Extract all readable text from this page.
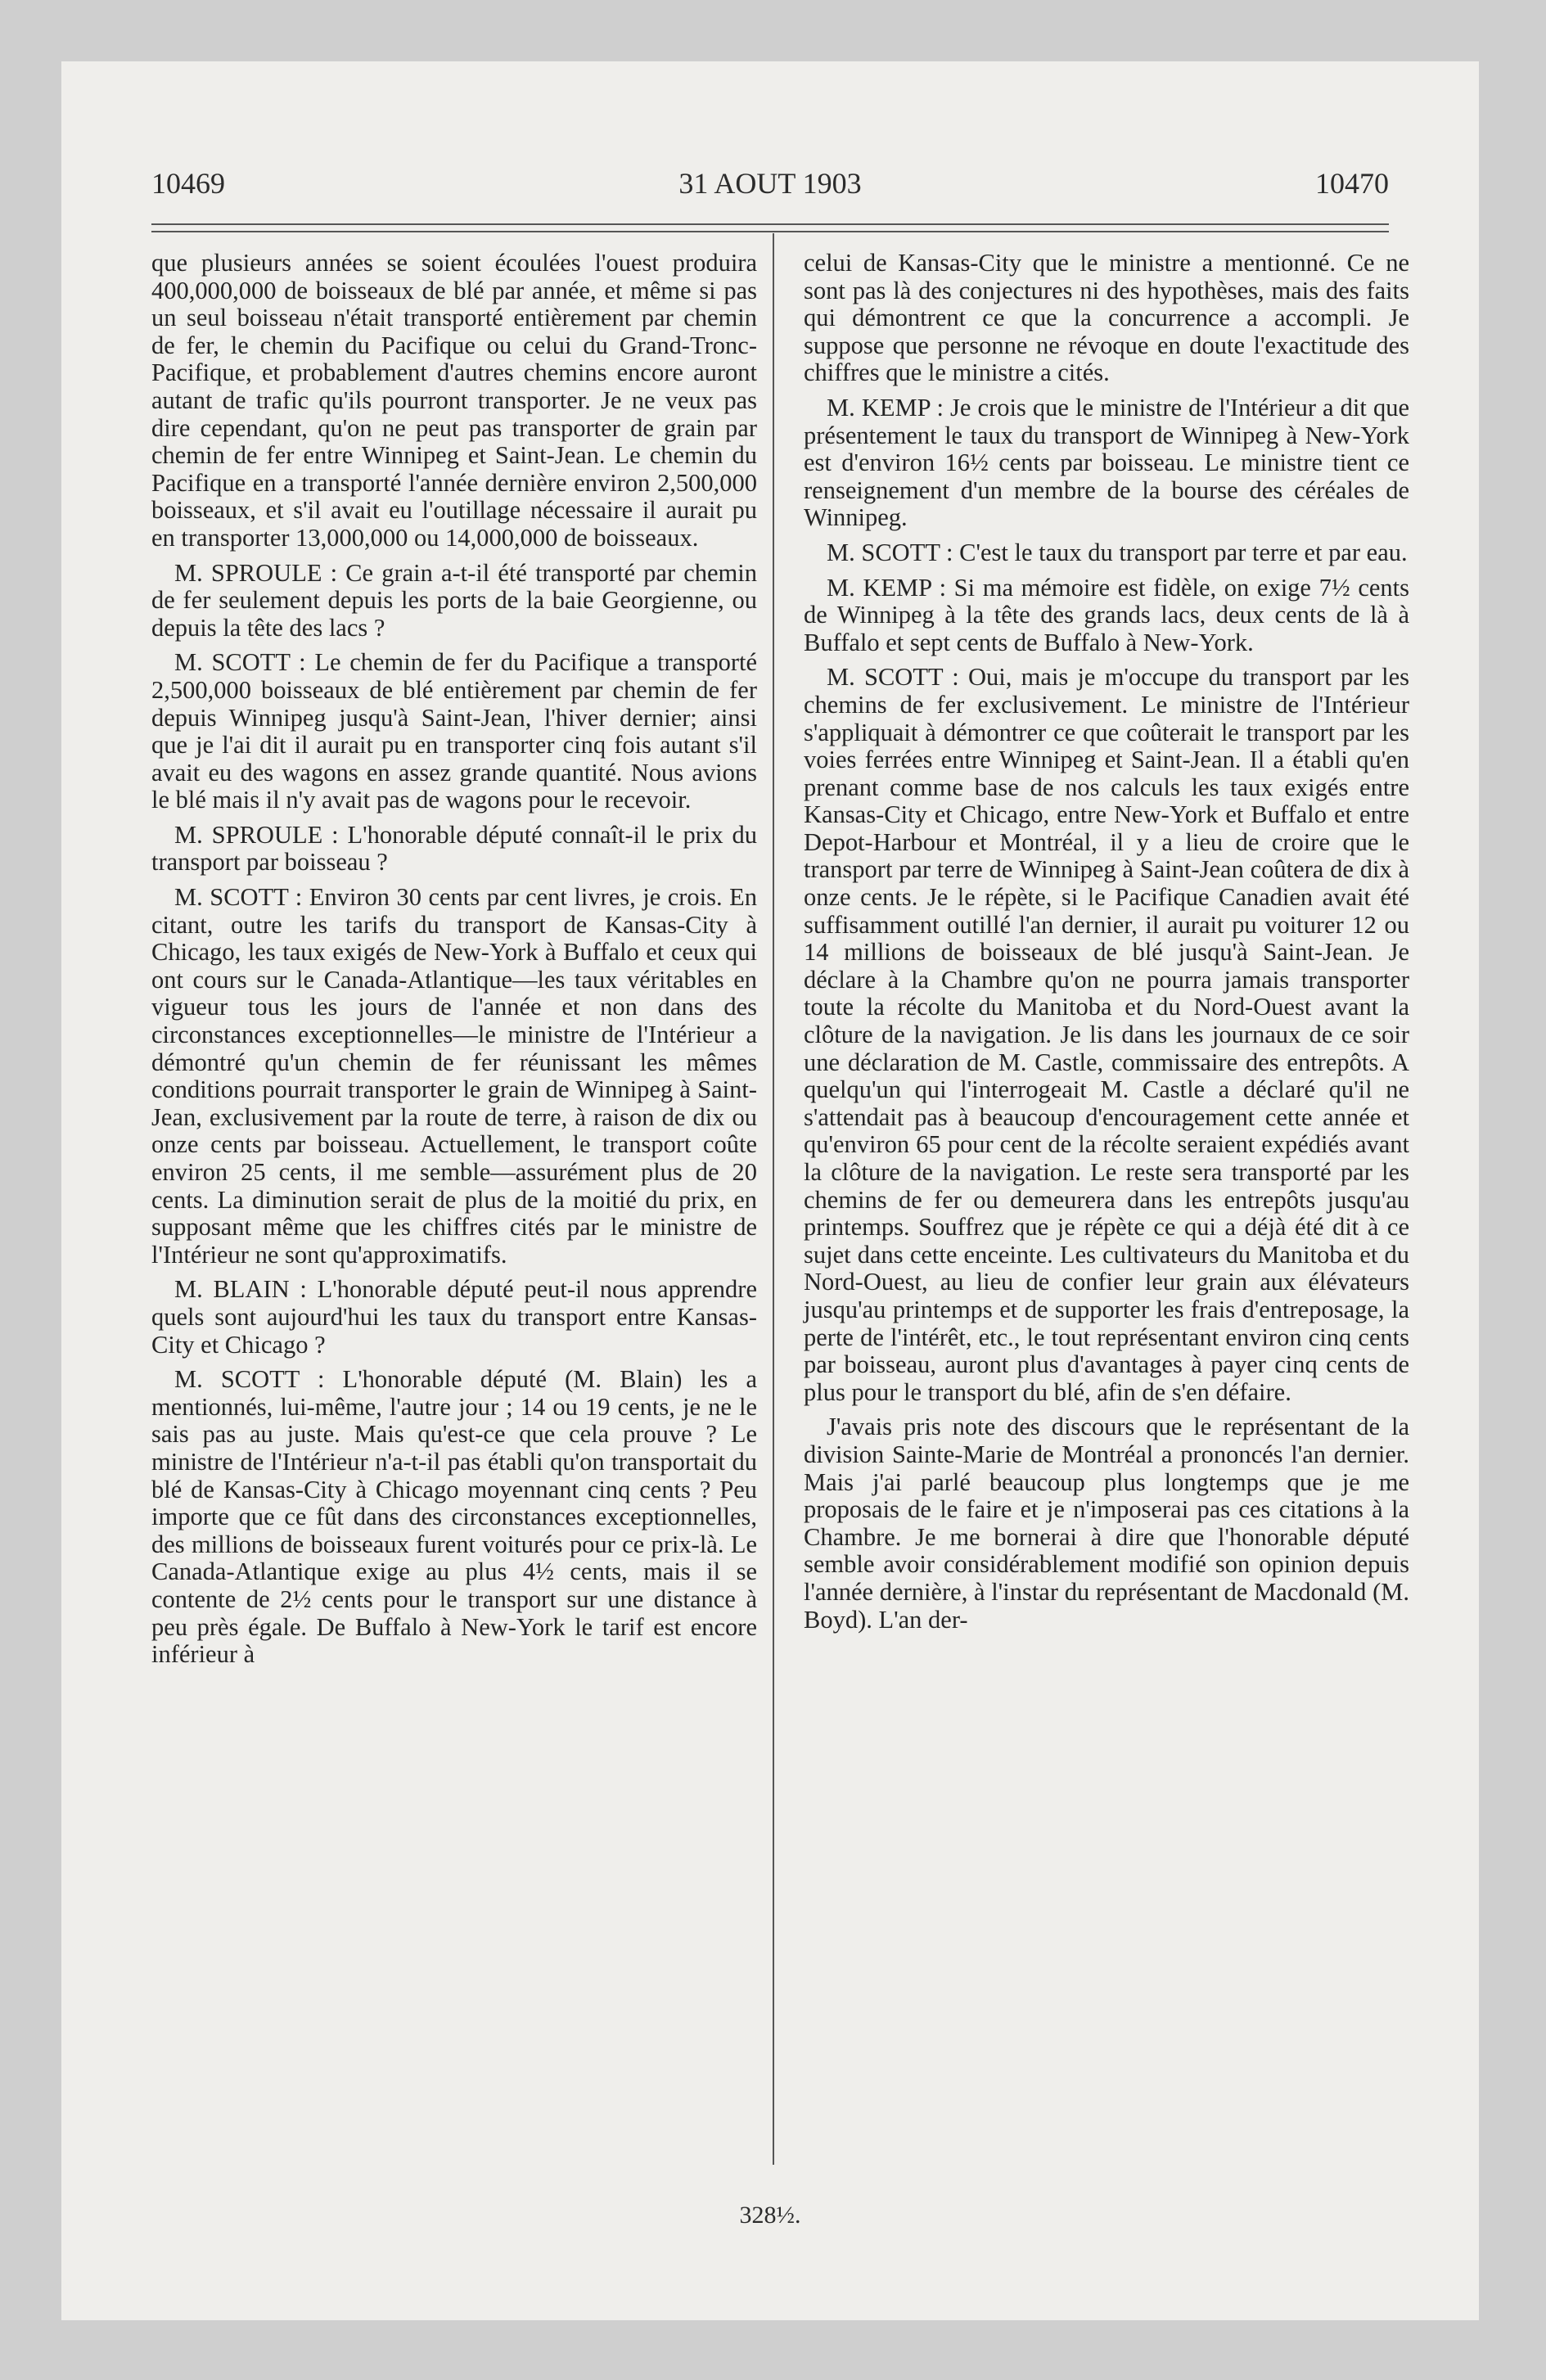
10469	31 AOUT 1903	10470

que plusieurs années se soient écoulées l'ouest produira 400,000,000 de boisseaux de blé par année, et même si pas un seul boisseau n'était transporté entièrement par chemin de fer, le chemin du Pacifique ou celui du Grand-Tronc-Pacifique, et probablement d'autres chemins encore auront autant de trafic qu'ils pourront transporter. Je ne veux pas dire cependant, qu'on ne peut pas transporter de grain par chemin de fer entre Winnipeg et Saint-Jean. Le chemin du Pacifique en a transporté l'année dernière environ 2,500,000 boisseaux, et s'il avait eu l'outillage nécessaire il aurait pu en transporter 13,000,000 ou 14,000,000 de boisseaux.

M. SPROULE : Ce grain a-t-il été transporté par chemin de fer seulement depuis les ports de la baie Georgienne, ou depuis la tête des lacs ?

M. SCOTT : Le chemin de fer du Pacifique a transporté 2,500,000 boisseaux de blé entièrement par chemin de fer depuis Winnipeg jusqu'à Saint-Jean, l'hiver dernier; ainsi que je l'ai dit il aurait pu en transporter cinq fois autant s'il avait eu des wagons en assez grande quantité. Nous avions le blé mais il n'y avait pas de wagons pour le recevoir.

M. SPROULE : L'honorable député connaît-il le prix du transport par boisseau ?

M. SCOTT : Environ 30 cents par cent livres, je crois. En citant, outre les tarifs du transport de Kansas-City à Chicago, les taux exigés de New-York à Buffalo et ceux qui ont cours sur le Canada-Atlantique—les taux véritables en vigueur tous les jours de l'année et non dans des circonstances exceptionnelles—le ministre de l'Intérieur a démontré qu'un chemin de fer réunissant les mêmes conditions pourrait transporter le grain de Winnipeg à Saint-Jean, exclusivement par la route de terre, à raison de dix ou onze cents par boisseau. Actuellement, le transport coûte environ 25 cents, il me semble—assurément plus de 20 cents. La diminution serait de plus de la moitié du prix, en supposant même que les chiffres cités par le ministre de l'Intérieur ne sont qu'approximatifs.

M. BLAIN : L'honorable député peut-il nous apprendre quels sont aujourd'hui les taux du transport entre Kansas-City et Chicago ?

M. SCOTT : L'honorable député (M. Blain) les a mentionnés, lui-même, l'autre jour ; 14 ou 19 cents, je ne le sais pas au juste. Mais qu'est-ce que cela prouve ? Le ministre de l'Intérieur n'a-t-il pas établi qu'on transportait du blé de Kansas-City à Chicago moyennant cinq cents ? Peu importe que ce fût dans des circonstances exceptionnelles, des millions de boisseaux furent voiturés pour ce prix-là. Le Canada-Atlantique exige au plus 4½ cents, mais il se contente de 2½ cents pour le transport sur une distance à peu près égale. De Buffalo à New-York le tarif est encore inférieur à

celui de Kansas-City que le ministre a mentionné. Ce ne sont pas là des conjectures ni des hypothèses, mais des faits qui démontrent ce que la concurrence a accompli. Je suppose que personne ne révoque en doute l'exactitude des chiffres que le ministre a cités.

M. KEMP : Je crois que le ministre de l'Intérieur a dit que présentement le taux du transport de Winnipeg à New-York est d'environ 16½ cents par boisseau. Le ministre tient ce renseignement d'un membre de la bourse des céréales de Winnipeg.

M. SCOTT : C'est le taux du transport par terre et par eau.

M. KEMP : Si ma mémoire est fidèle, on exige 7½ cents de Winnipeg à la tête des grands lacs, deux cents de là à Buffalo et sept cents de Buffalo à New-York.

M. SCOTT : Oui, mais je m'occupe du transport par les chemins de fer exclusivement. Le ministre de l'Intérieur s'appliquait à démontrer ce que coûterait le transport par les voies ferrées entre Winnipeg et Saint-Jean. Il a établi qu'en prenant comme base de nos calculs les taux exigés entre Kansas-City et Chicago, entre New-York et Buffalo et entre Depot-Harbour et Montréal, il y a lieu de croire que le transport par terre de Winnipeg à Saint-Jean coûtera de dix à onze cents. Je le répète, si le Pacifique Canadien avait été suffisamment outillé l'an dernier, il aurait pu voiturer 12 ou 14 millions de boisseaux de blé jusqu'à Saint-Jean. Je déclare à la Chambre qu'on ne pourra jamais transporter toute la récolte du Manitoba et du Nord-Ouest avant la clôture de la navigation. Je lis dans les journaux de ce soir une déclaration de M. Castle, commissaire des entrepôts. A quelqu'un qui l'interrogeait M. Castle a déclaré qu'il ne s'attendait pas à beaucoup d'encouragement cette année et qu'environ 65 pour cent de la récolte seraient expédiés avant la clôture de la navigation. Le reste sera transporté par les chemins de fer ou demeurera dans les entrepôts jusqu'au printemps. Souffrez que je répète ce qui a déjà été dit à ce sujet dans cette enceinte. Les cultivateurs du Manitoba et du Nord-Ouest, au lieu de confier leur grain aux élévateurs jusqu'au printemps et de supporter les frais d'entreposage, la perte de l'intérêt, etc., le tout représentant environ cinq cents par boisseau, auront plus d'avantages à payer cinq cents de plus pour le transport du blé, afin de s'en défaire.

J'avais pris note des discours que le représentant de la division Sainte-Marie de Montréal a prononcés l'an dernier. Mais j'ai parlé beaucoup plus longtemps que je me proposais de le faire et je n'imposerai pas ces citations à la Chambre. Je me bornerai à dire que l'honorable député semble avoir considérablement modifié son opinion depuis l'année dernière, à l'instar du représentant de Macdonald (M. Boyd). L'an der-

328½.
